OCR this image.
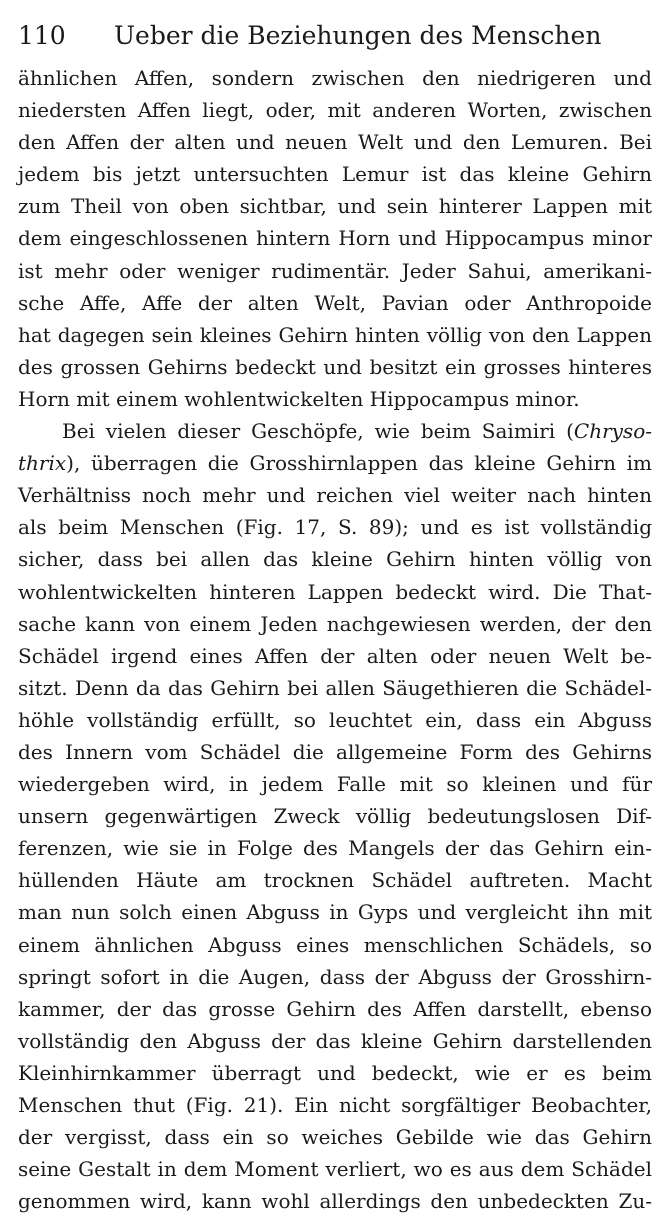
110 Ueber die Beziehungen des Menschen
ähnlichen Affen, sondern zwischen den niedrigeren und
niedersten Affen liegt, oder, mit anderen Worten, zwischen
den Affen der alten und neuen Welt und den Lemuren. Bei
jedem bis jetzt untersuchten Lemur ist das kleine Gehirn
zum Theil von oben sichtbar, und sein hinterer Lappen mit
dem eingeschlossenen hintern Horn und Hippocampus minor
ist mehr oder weniger rudimentär. Jeder Sahui, amerikani-
sche Affe, Affe der alten Welt, Pavian oder Anthropoide
hat dagegen sein kleines Gehirn hinten völlig von den Lappen
des grossen Gehirns bedeckt und besitzt ein grosses hinteres
Horn mit einem wohlentwickelten Hippocampus minor.
Bei vielen dieser Geschöpfe, wie beim Saimiri (Chryso-
thrix), überragen die Grosshirnlappen das kleine Gehirn im
Verhältniss noch mehr und reichen viel weiter nach hinten
als beim Menschen (Fig. 17, S. 89); und es ist vollständig
sicher, dass bei allen das kleine Gehirn hinten völlig von
wohlentwickelten hinteren Lappen bedeckt wird. Die That-
sache kann von einem Jeden nachgewiesen werden, der den
Schädel irgend eines Affen der alten oder neuen Welt be-
sitzt. Denn da das Gehirn bei allen Säugethieren die Schädel-
höhle vollständig erfüllt, so leuchtet ein, dass ein Abguss
des Innern vom Schädel die allgemeine Form des Gehirns
wiedergeben wird, in jedem Falle mit so kleinen und für
unsern gegenwärtigen Zweck völlig bedeutungslosen Dif-
ferenzen, wie sie in Folge des Mangels der das Gehirn ein-
hüllenden Häute am trocknen Schädel auftreten. Macht
man nun solch einen Abguss in Gyps und vergleicht ihn mit
einem ähnlichen Abguss eines menschlichen Schädels, so
springt sofort in die Augen, dass der Abguss der Grosshirn-
kammer, der das grosse Gehirn des Affen darstellt, ebenso
vollständig den Abguss der das kleine Gehirn darstellenden
Kleinhirnkammer überragt und bedeckt, wie er es beim
Menschen thut (Fig. 21). Ein nicht sorgfältiger Beobachter,
der vergisst, dass ein so weiches Gebilde wie das Gehirn
seine Gestalt in dem Moment verliert, wo es aus dem Schädel
genommen wird, kann wohl allerdings den unbedeckten Zu-
